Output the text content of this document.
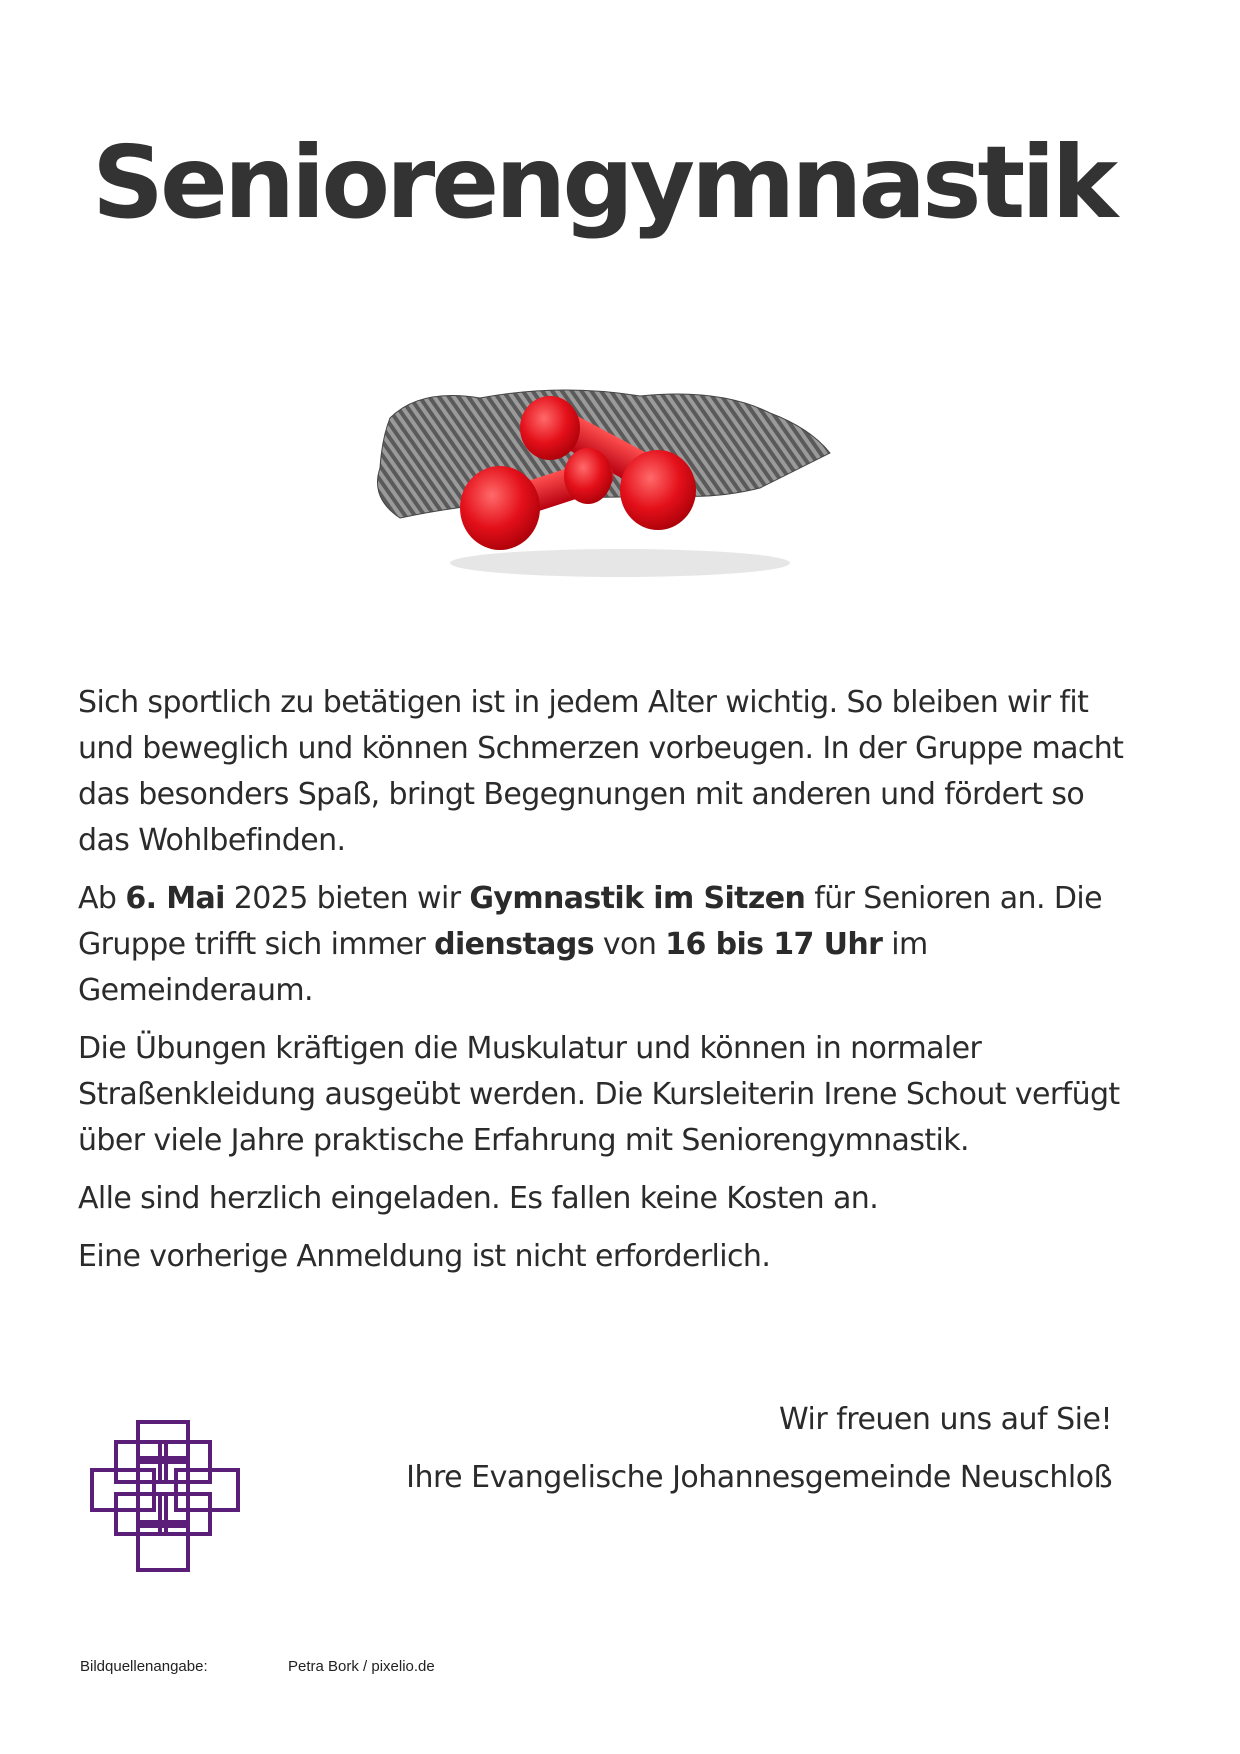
Seniorengymnastik

Sich sportlich zu betätigen ist in jedem Alter wichtig. So bleiben wir fit und beweglich und können Schmerzen vorbeugen. In der Gruppe macht das besonders Spaß, bringt Begegnungen mit anderen und fördert so das Wohlbefinden.

Ab 6. Mai 2025 bieten wir Gymnastik im Sitzen für Senioren an. Die Gruppe trifft sich immer dienstags von 16 bis 17 Uhr im Gemeinderaum.

Die Übungen kräftigen die Muskulatur und können in normaler Straßenkleidung ausgeübt werden. Die Kursleiterin Irene Schout verfügt über viele Jahre praktische Erfahrung mit Seniorengymnastik.

Alle sind herzlich eingeladen. Es fallen keine Kosten an.

Eine vorherige Anmeldung ist nicht erforderlich.

Wir freuen uns auf Sie!
Ihre Evangelische Johannesgemeinde Neuschloß
Bildquellenangabe:	Petra Bork / pixelio.de
